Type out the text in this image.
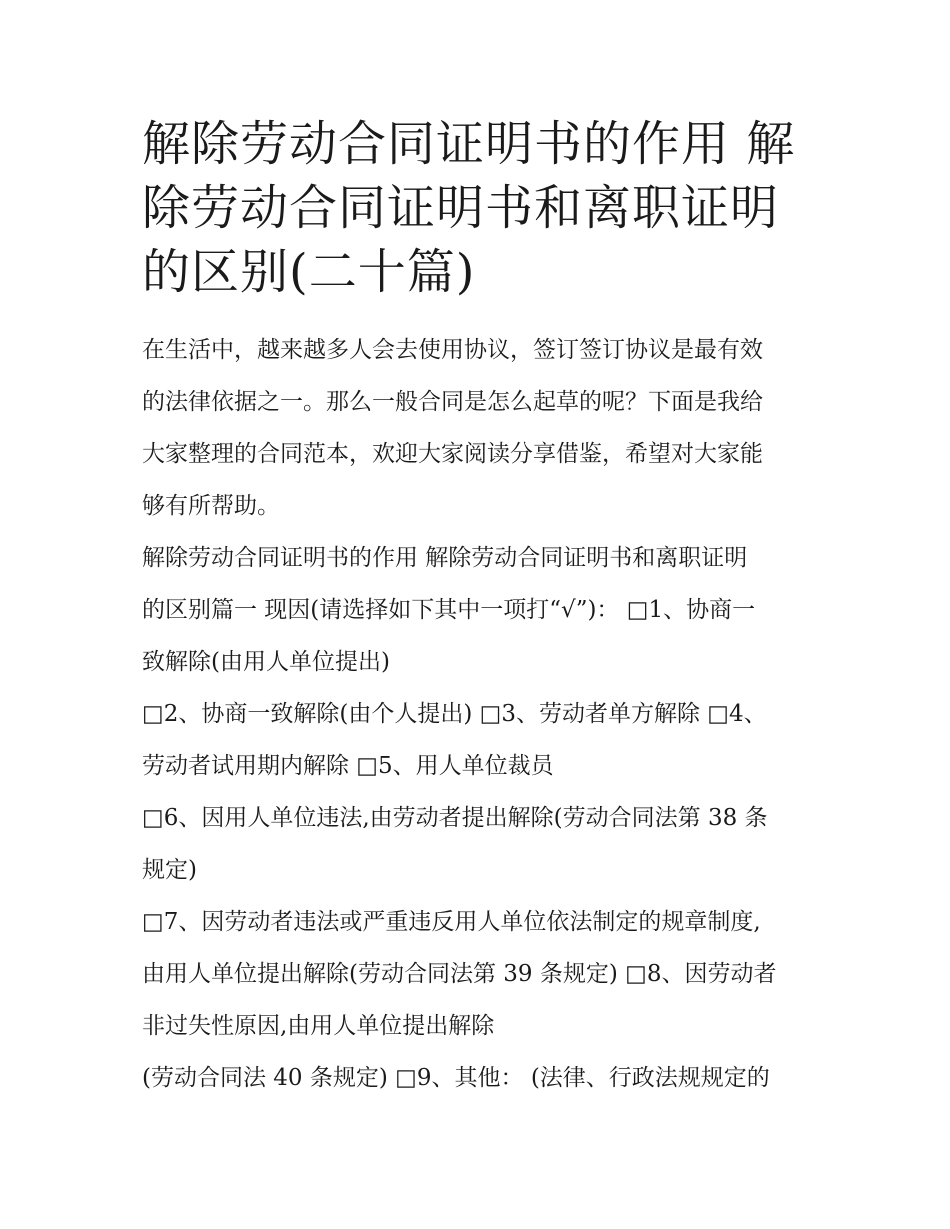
解除劳动合同证明书的作用 解
除劳动合同证明书和离职证明
的区别(二十篇)
在生活中，越来越多人会去使用协议，签订签订协议是最有效
的法律依据之一。那么一般合同是怎么起草的呢？下面是我给
大家整理的合同范本，欢迎大家阅读分享借鉴，希望对大家能
够有所帮助。
解除劳动合同证明书的作用 解除劳动合同证明书和离职证明
的区别篇一 现因(请选择如下其中一项打“√”)： □1、协商一
致解除(由用人单位提出)
□2、协商一致解除(由个人提出) □3、劳动者单方解除 □4、
劳动者试用期内解除 □5、用人单位裁员
□6、因用人单位违法,由劳动者提出解除(劳动合同法第 38 条
规定)
□7、因劳动者违法或严重违反用人单位依法制定的规章制度,
由用人单位提出解除(劳动合同法第 39 条规定) □8、因劳动者
非过失性原因,由用人单位提出解除
(劳动合同法 40 条规定) □9、其他： (法律、行政法规规定的
